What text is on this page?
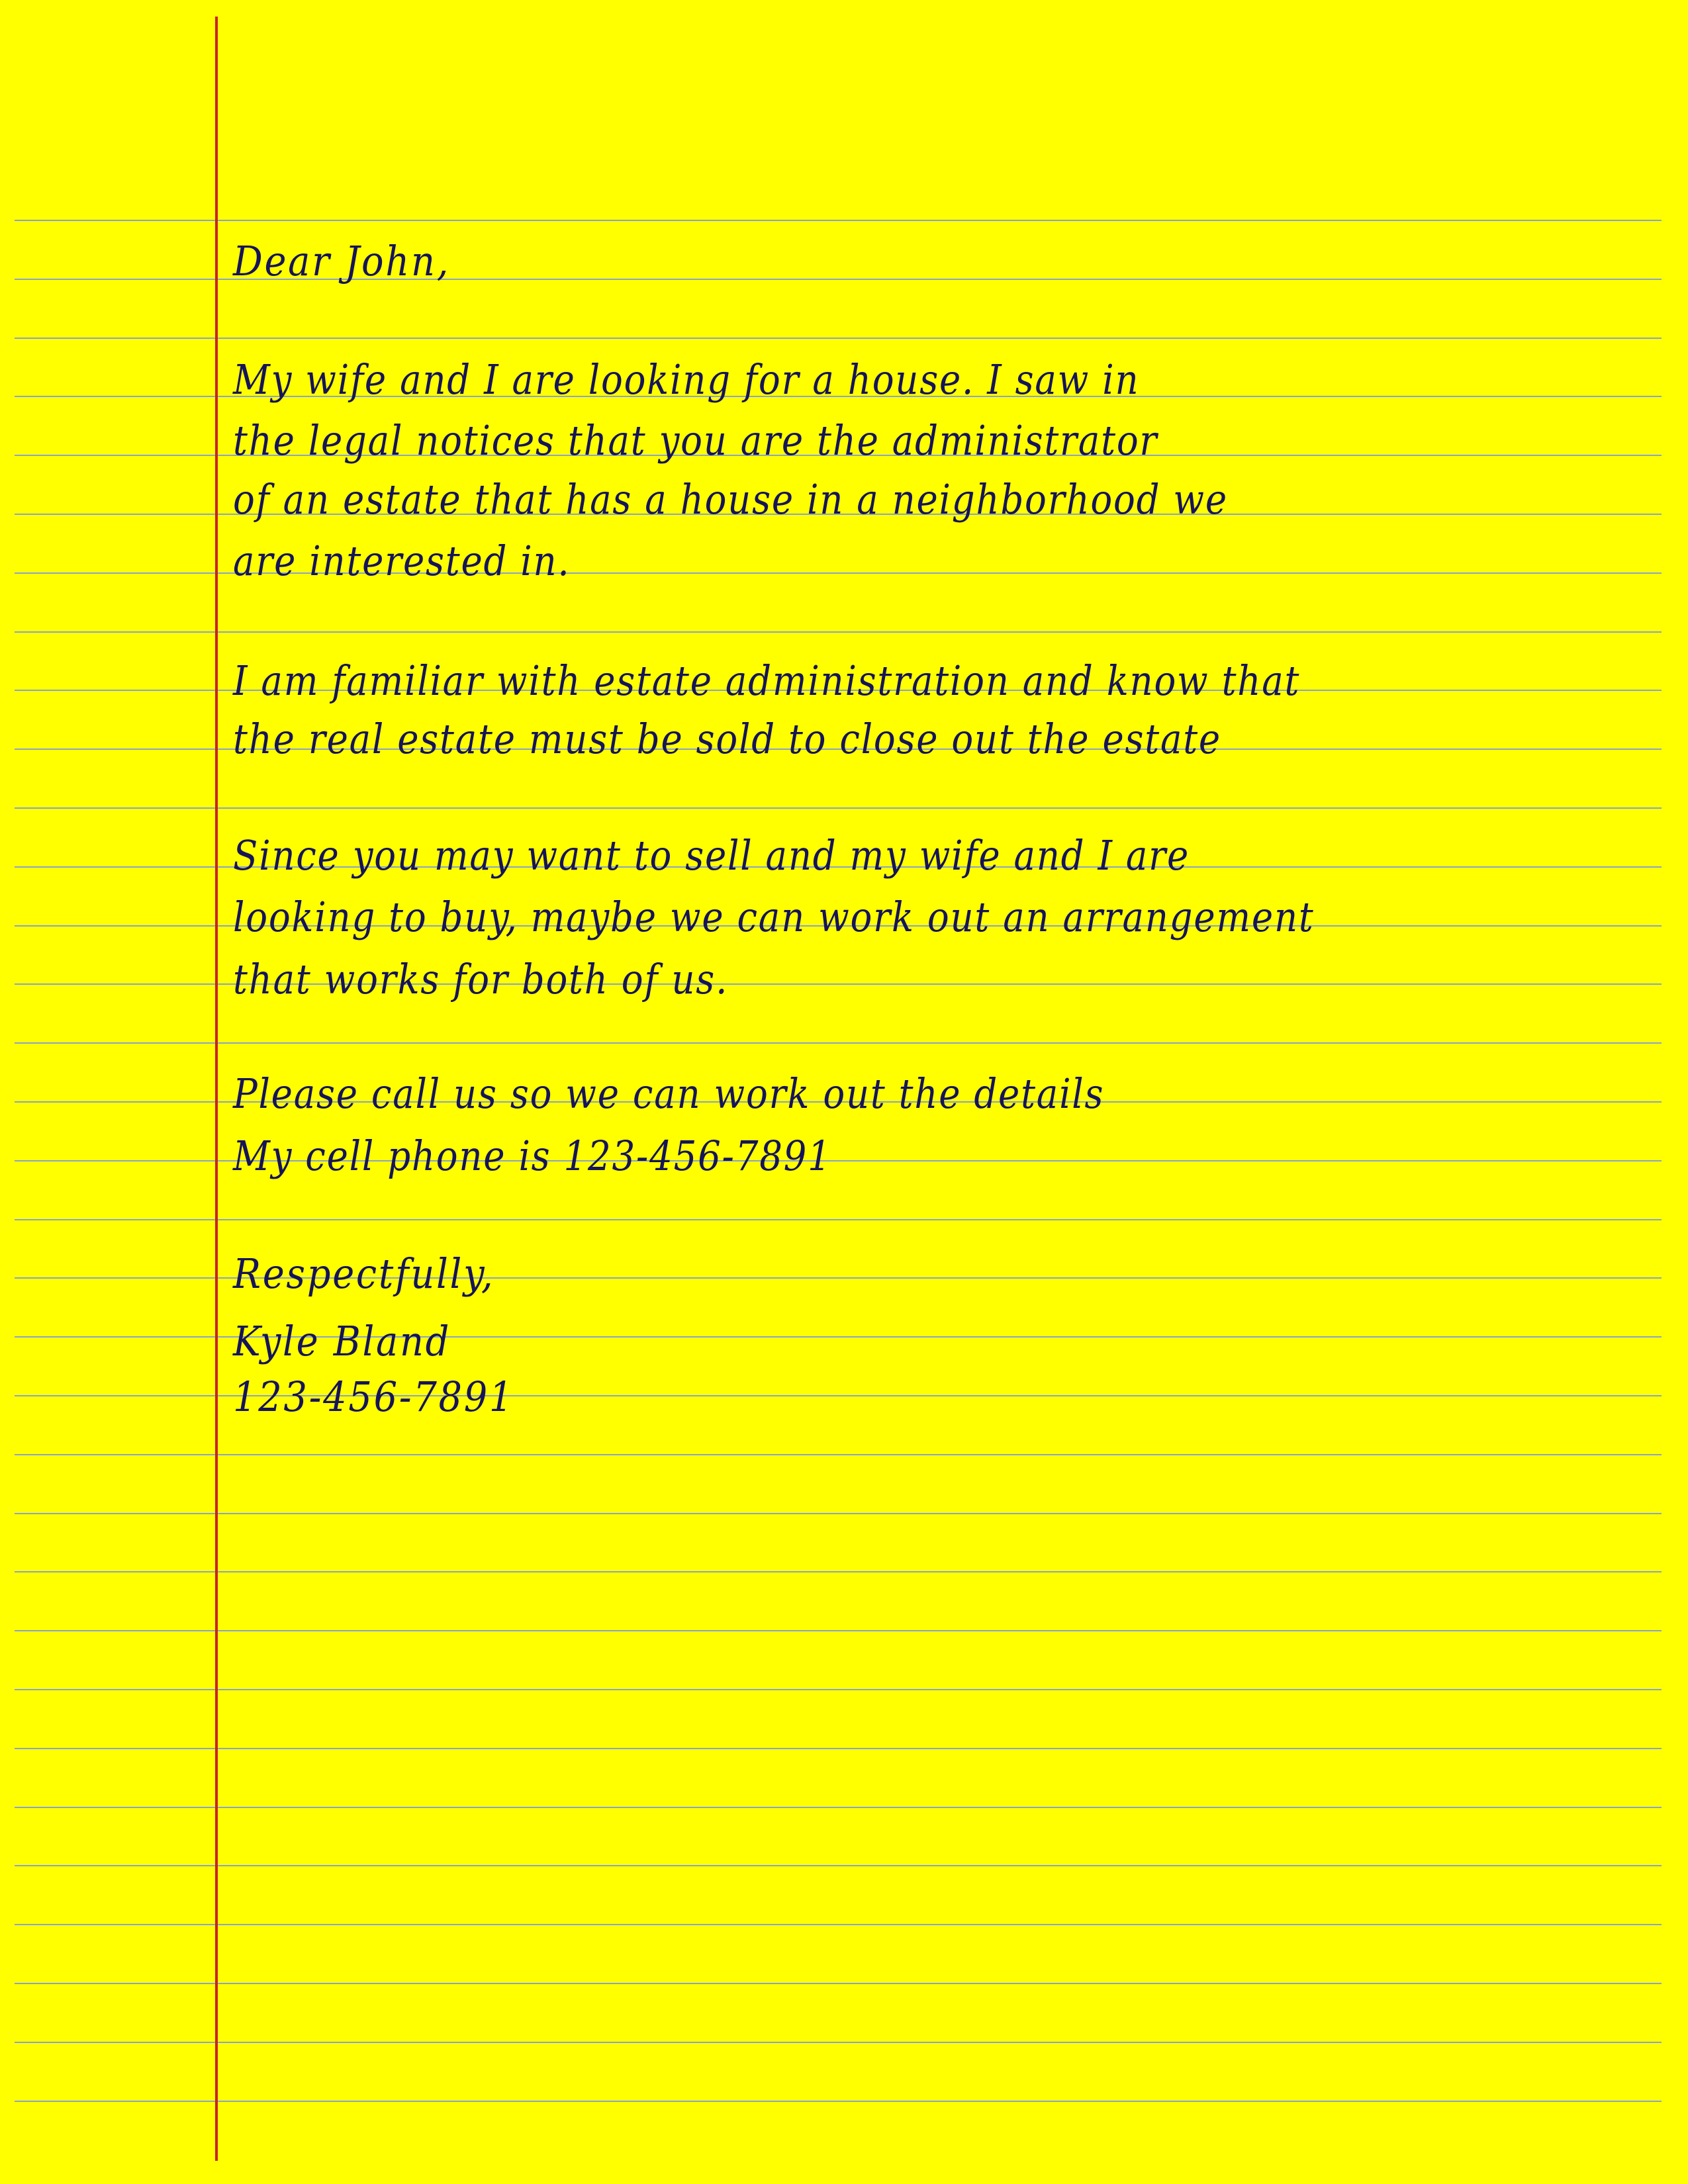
Dear John,

My wife and I are looking for a house. I saw in

the legal notices that you are the administrator

of an estate that has a house in a neighborhood we

are interested in.

I am familiar with estate administration and know that

the real estate must be sold to close out the estate

Since you may want to sell and my wife and I are

looking to buy, maybe we can work out an arrangement

that works for both of us.

Please call us so we can work out the details

My cell phone is 123-456-7891

Respectfully,

Kyle Bland

123-456-7891
